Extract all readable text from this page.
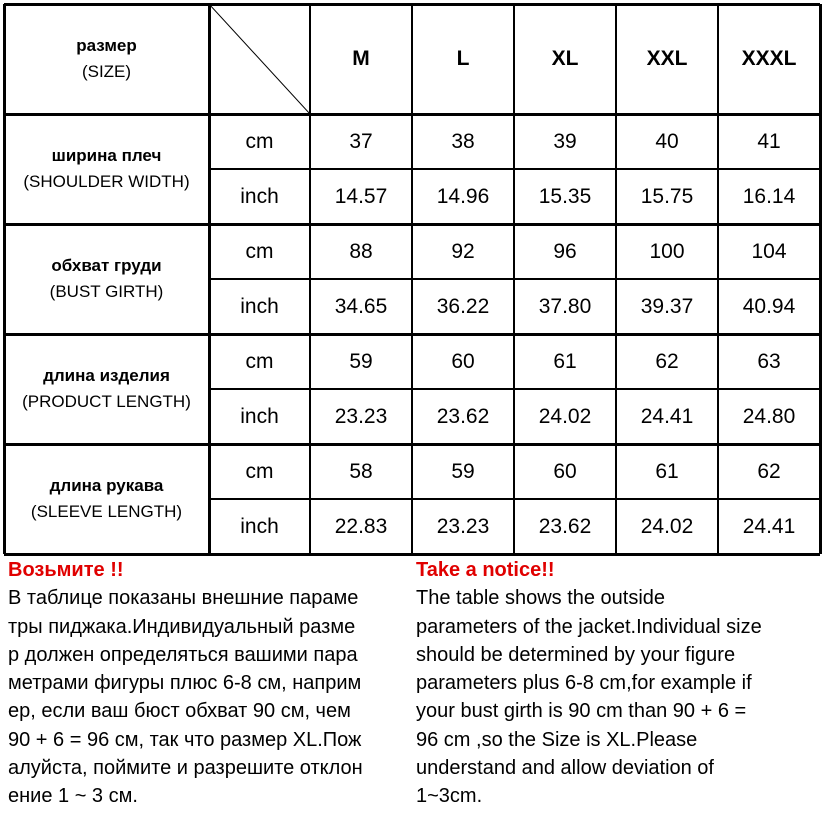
размер
(SIZE)
M	L	XL	XXL	XXXL
ширина плеч
(SHOULDER WIDTH)
cm	37	38	39	40	41
inch	14.57	14.96	15.35	15.75	16.14
обхват груди
(BUST GIRTH)
cm	88	92	96	100	104
inch	34.65	36.22	37.80	39.37	40.94
длина изделия
(PRODUCT LENGTH)
cm	59	60	61	62	63
inch	23.23	23.62	24.02	24.41	24.80
длина рукава
(SLEEVE LENGTH)
cm	58	59	60	61	62
inch	22.83	23.23	23.62	24.02	24.41

Возьмите !!

В таблице показаны внешние параме

тры пиджака.Индивидуальный разме

р должен определяться вашими пара

метрами фигуры плюс 6-8 см, наприм

ер, если ваш бюст обхват 90 см, чем

90 + 6 = 96 см, так что размер XL.Пож

алуйста, поймите и разрешите отклон

ение 1 ~ 3 см.

Take a notice!!

The table shows the outside

parameters of the jacket.Individual size

should be determined by your figure

parameters plus 6-8 cm,for example if

your bust girth is 90 cm than 90 + 6 =

96 cm ,so the Size is XL.Please

understand and allow deviation of

1~3cm.
